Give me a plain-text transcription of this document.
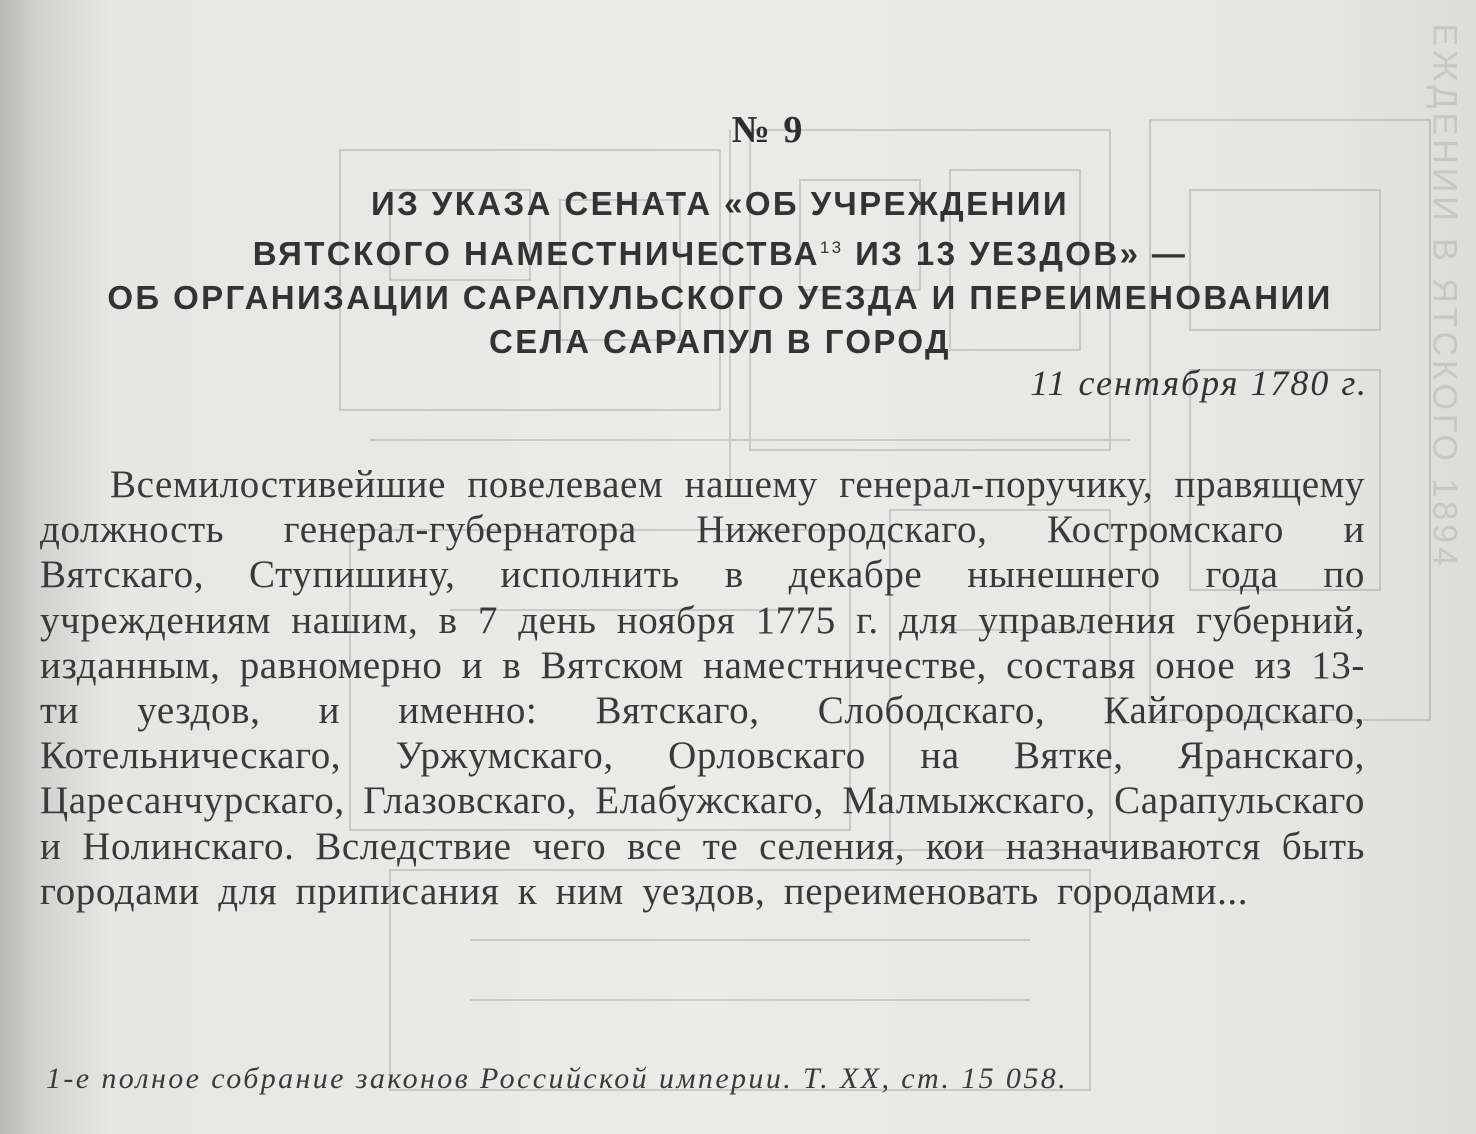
ЕЖДЕНИИ В ЯТСКОГО 1894
№ 9
ИЗ УКАЗА СЕНАТА «ОБ УЧРЕЖДЕНИИ
ВЯТСКОГО НАМЕСТНИЧЕСТВА$^{13}$ ИЗ 13 УЕЗДОВ» —
ОБ ОРГАНИЗАЦИИ САРАПУЛЬСКОГО УЕЗДА И ПЕРЕИМЕНОВАНИИ
СЕЛА САРАПУЛ В ГОРОД
11 сентября 1780 г.
Всемилостивейшие повелеваем нашему генерал-поручику, правящему должность генерал-губернатора Нижегородскаго, Костромскаго и Вятскаго, Ступишину, исполнить в декабре нынешнего года по учреждениям нашим, в 7 день ноября 1775 г. для управления губерний, изданным, равномерно и в Вятском наместничестве, составя оное из 13-ти уездов, и именно: Вятскаго, Слободскаго, Кайгородскаго, Котельническаго, Уржумскаго, Орловскаго на Вятке, Яранскаго, Царесанчурскаго, Глазовскаго, Елабужскаго, Малмыжскаго, Сарапульскаго и Нолинскаго. Вследствие чего все те селения, кои назначиваются быть городами для приписания к ним уездов, переименовать городами...
1-е полное собрание законов Российской империи. Т. XX, ст. 15 058.
